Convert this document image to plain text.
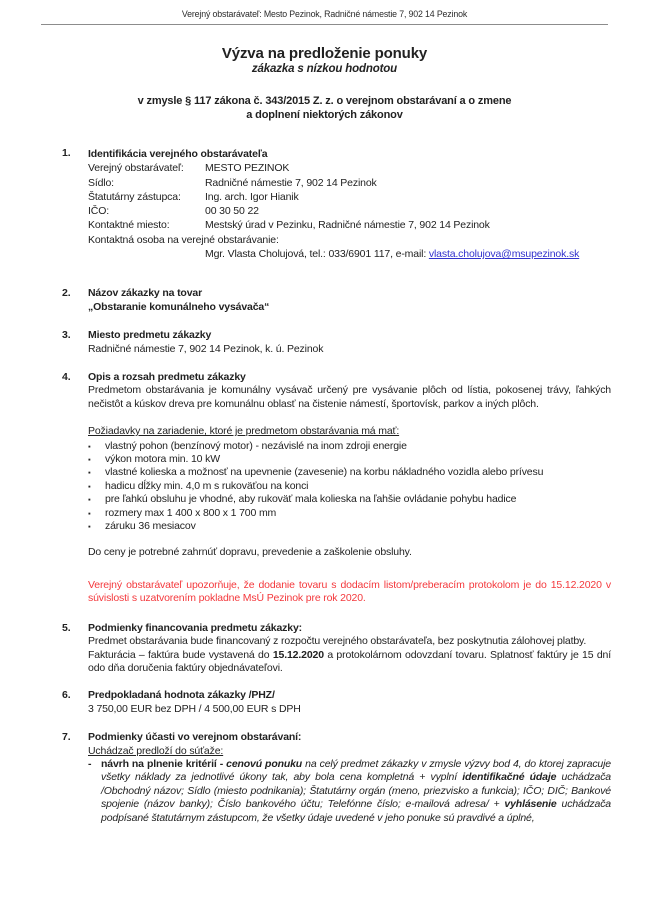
Verejný obstarávateľ: Mesto Pezinok, Radničné námestie 7, 902 14 Pezinok
Výzva na predloženie ponuky
zákazka s nízkou hodnotou
v zmysle § 117 zákona č. 343/2015 Z. z. o verejnom obstarávaní a o zmene
a doplnení niektorých zákonov
1.	Identifikácia verejného obstarávateľa
Verejný obstarávateľ:	MESTO PEZINOK
Sídlo:	Radničné námestie 7, 902 14 Pezinok
Štatutárny zástupca:	Ing. arch. Igor Hianik
IČO:	00 30 50 22
Kontaktné miesto:	Mestský úrad v Pezinku, Radničné námestie 7, 902 14 Pezinok
Kontaktná osoba na verejné obstarávanie:
Mgr. Vlasta Cholujová, tel.: 033/6901 117, e-mail: vlasta.cholujova@msupezinok.sk
2.	Názov zákazky na tovar
„Obstaranie komunálneho vysávača“
3.	Miesto predmetu zákazky
Radničné námestie 7, 902 14 Pezinok, k. ú. Pezinok
4.	Opis a rozsah predmetu zákazky
Predmetom obstarávania je komunálny vysávač určený pre vysávanie plôch od lístia, pokosenej trávy, ľahkých nečistôt a kúskov dreva pre komunálnu oblasť na čistenie námestí, športovísk, parkov a iných plôch.
Požiadavky na zariadenie, ktoré je predmetom obstarávania má mať:
▪	vlastný pohon (benzínový motor) - nezávislé na inom zdroji energie
▪	výkon motora min. 10 kW
▪	vlastné kolieska a možnosť na upevnenie (zavesenie) na korbu nákladného vozidla alebo prívesu
▪	hadicu dĺžky min. 4,0 m s rukoväťou na konci
▪	pre ľahkú obsluhu je vhodné, aby rukoväť mala kolieska na ľahšie ovládanie pohybu hadice
▪	rozmery max 1 400 x 800 x 1 700 mm
▪	záruku 36 mesiacov
Do ceny je potrebné zahrnúť dopravu, prevedenie a zaškolenie obsluhy.
Verejný obstarávateľ upozorňuje, že dodanie tovaru s dodacím listom/preberacím protokolom je do 15.12.2020 v súvislosti s uzatvorením pokladne MsÚ Pezinok pre rok 2020.
5.	Podmienky financovania predmetu zákazky:
Predmet obstarávania bude financovaný z rozpočtu verejného obstarávateľa, bez poskytnutia zálohovej platby.
Fakturácia – faktúra bude vystavená do 15.12.2020 a protokolárnom odovzdaní tovaru. Splatnosť faktúry je 15 dní odo dňa doručenia faktúry objednávateľovi.
6.	Predpokladaná hodnota zákazky /PHZ/
3 750,00 EUR bez DPH / 4 500,00 EUR s DPH
7.	Podmienky účasti vo verejnom obstarávaní:
Uchádzač predloží do súťaže:
- návrh na plnenie kritérií - cenovú ponuku na celý predmet zákazky v zmysle výzvy bod 4, do ktorej zapracuje všetky náklady za jednotlivé úkony tak, aby bola cena kompletná + vyplní identifikačné údaje uchádzača /Obchodný názov; Sídlo (miesto podnikania); Štatutárny orgán (meno, priezvisko a funkcia); IČO; DIČ; Bankové spojenie (názov banky); Číslo bankového účtu; Telefónne číslo; e-mailová adresa/ + vyhlásenie uchádzača podpísané štatutárnym zástupcom, že všetky údaje uvedené v jeho ponuke sú pravdivé a úplné,
